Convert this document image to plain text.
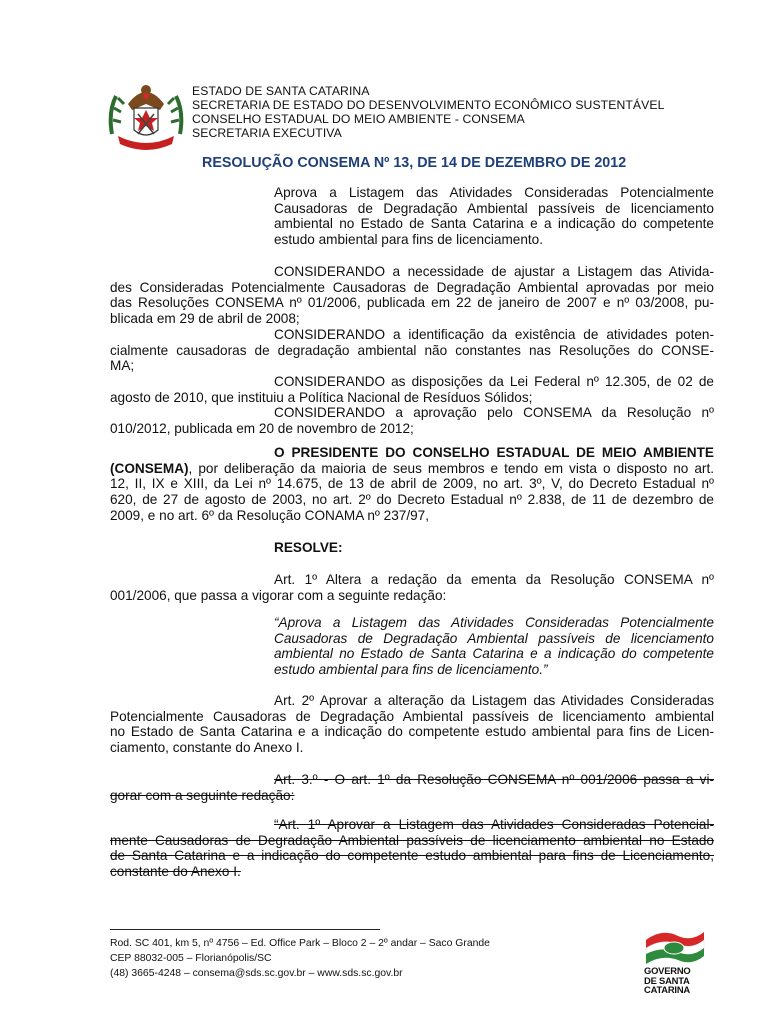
ESTADO DE SANTA CATARINA
SECRETARIA DE ESTADO DO DESENVOLVIMENTO ECONÔMICO SUSTENTÁVEL
CONSELHO ESTADUAL DO MEIO AMBIENTE - CONSEMA
SECRETARIA EXECUTIVA
RESOLUÇÃO CONSEMA Nº 13, DE 14 DE DEZEMBRO DE 2012
Aprova a Listagem das Atividades Consideradas Potencialmente
Causadoras de Degradação Ambiental passíveis de licenciamento
ambiental no Estado de Santa Catarina e a indicação do competente
estudo ambiental para fins de licenciamento.
CONSIDERANDO a necessidade de ajustar a Listagem das Ativida-
des Consideradas Potencialmente Causadoras de Degradação Ambiental aprovadas por meio
das Resoluções CONSEMA nº 01/2006, publicada em 22 de janeiro de 2007 e nº 03/2008, pu-
blicada em 29 de abril de 2008;
CONSIDERANDO a identificação da existência de atividades poten-
cialmente causadoras de degradação ambiental não constantes nas Resoluções do CONSE-
MA;
CONSIDERANDO as disposições da Lei Federal nº 12.305, de 02 de
agosto de 2010, que instituiu a Política Nacional de Resíduos Sólidos;
CONSIDERANDO a aprovação pelo CONSEMA da Resolução nº
010/2012, publicada em 20 de novembro de 2012;
O PRESIDENTE DO CONSELHO ESTADUAL DE MEIO AMBIENTE
(CONSEMA), por deliberação da maioria de seus membros e tendo em vista o disposto no art.
12, II, IX e XIII, da Lei nº 14.675, de 13 de abril de 2009, no art. 3º, V, do Decreto Estadual nº
620, de 27 de agosto de 2003, no art. 2º do Decreto Estadual nº 2.838, de 11 de dezembro de
2009, e no art. 6º da Resolução CONAMA nº 237/97,
RESOLVE:
Art. 1º Altera a redação da ementa da Resolução CONSEMA nº
001/2006, que passa a vigorar com a seguinte redação:
“Aprova a Listagem das Atividades Consideradas Potencialmente
Causadoras de Degradação Ambiental passíveis de licenciamento
ambiental no Estado de Santa Catarina e a indicação do competente
estudo ambiental para fins de licenciamento.”
Art. 2º Aprovar a alteração da Listagem das Atividades Consideradas
Potencialmente Causadoras de Degradação Ambiental passíveis de licenciamento ambiental
no Estado de Santa Catarina e a indicação do competente estudo ambiental para fins de Licen-
ciamento, constante do Anexo I.
Art. 3.º - O art. 1º da Resolução CONSEMA nº 001/2006 passa a vi-
gorar com a seguinte redação:
“Art. 1º Aprovar a Listagem das Atividades Consideradas Potencial-
mente Causadoras de Degradação Ambiental passíveis de licenciamento ambiental no Estado
de Santa Catarina e a indicação do competente estudo ambiental para fins de Licenciamento,
constante do Anexo I.
Rod. SC 401, km 5, nº 4756 – Ed. Office Park – Bloco 2 – 2º andar – Saco Grande
CEP 88032-005 – Florianópolis/SC
(48) 3665-4248 – consema@sds.sc.gov.br – www.sds.sc.gov.br	GOVERNO
DE SANTA
CATARINA
